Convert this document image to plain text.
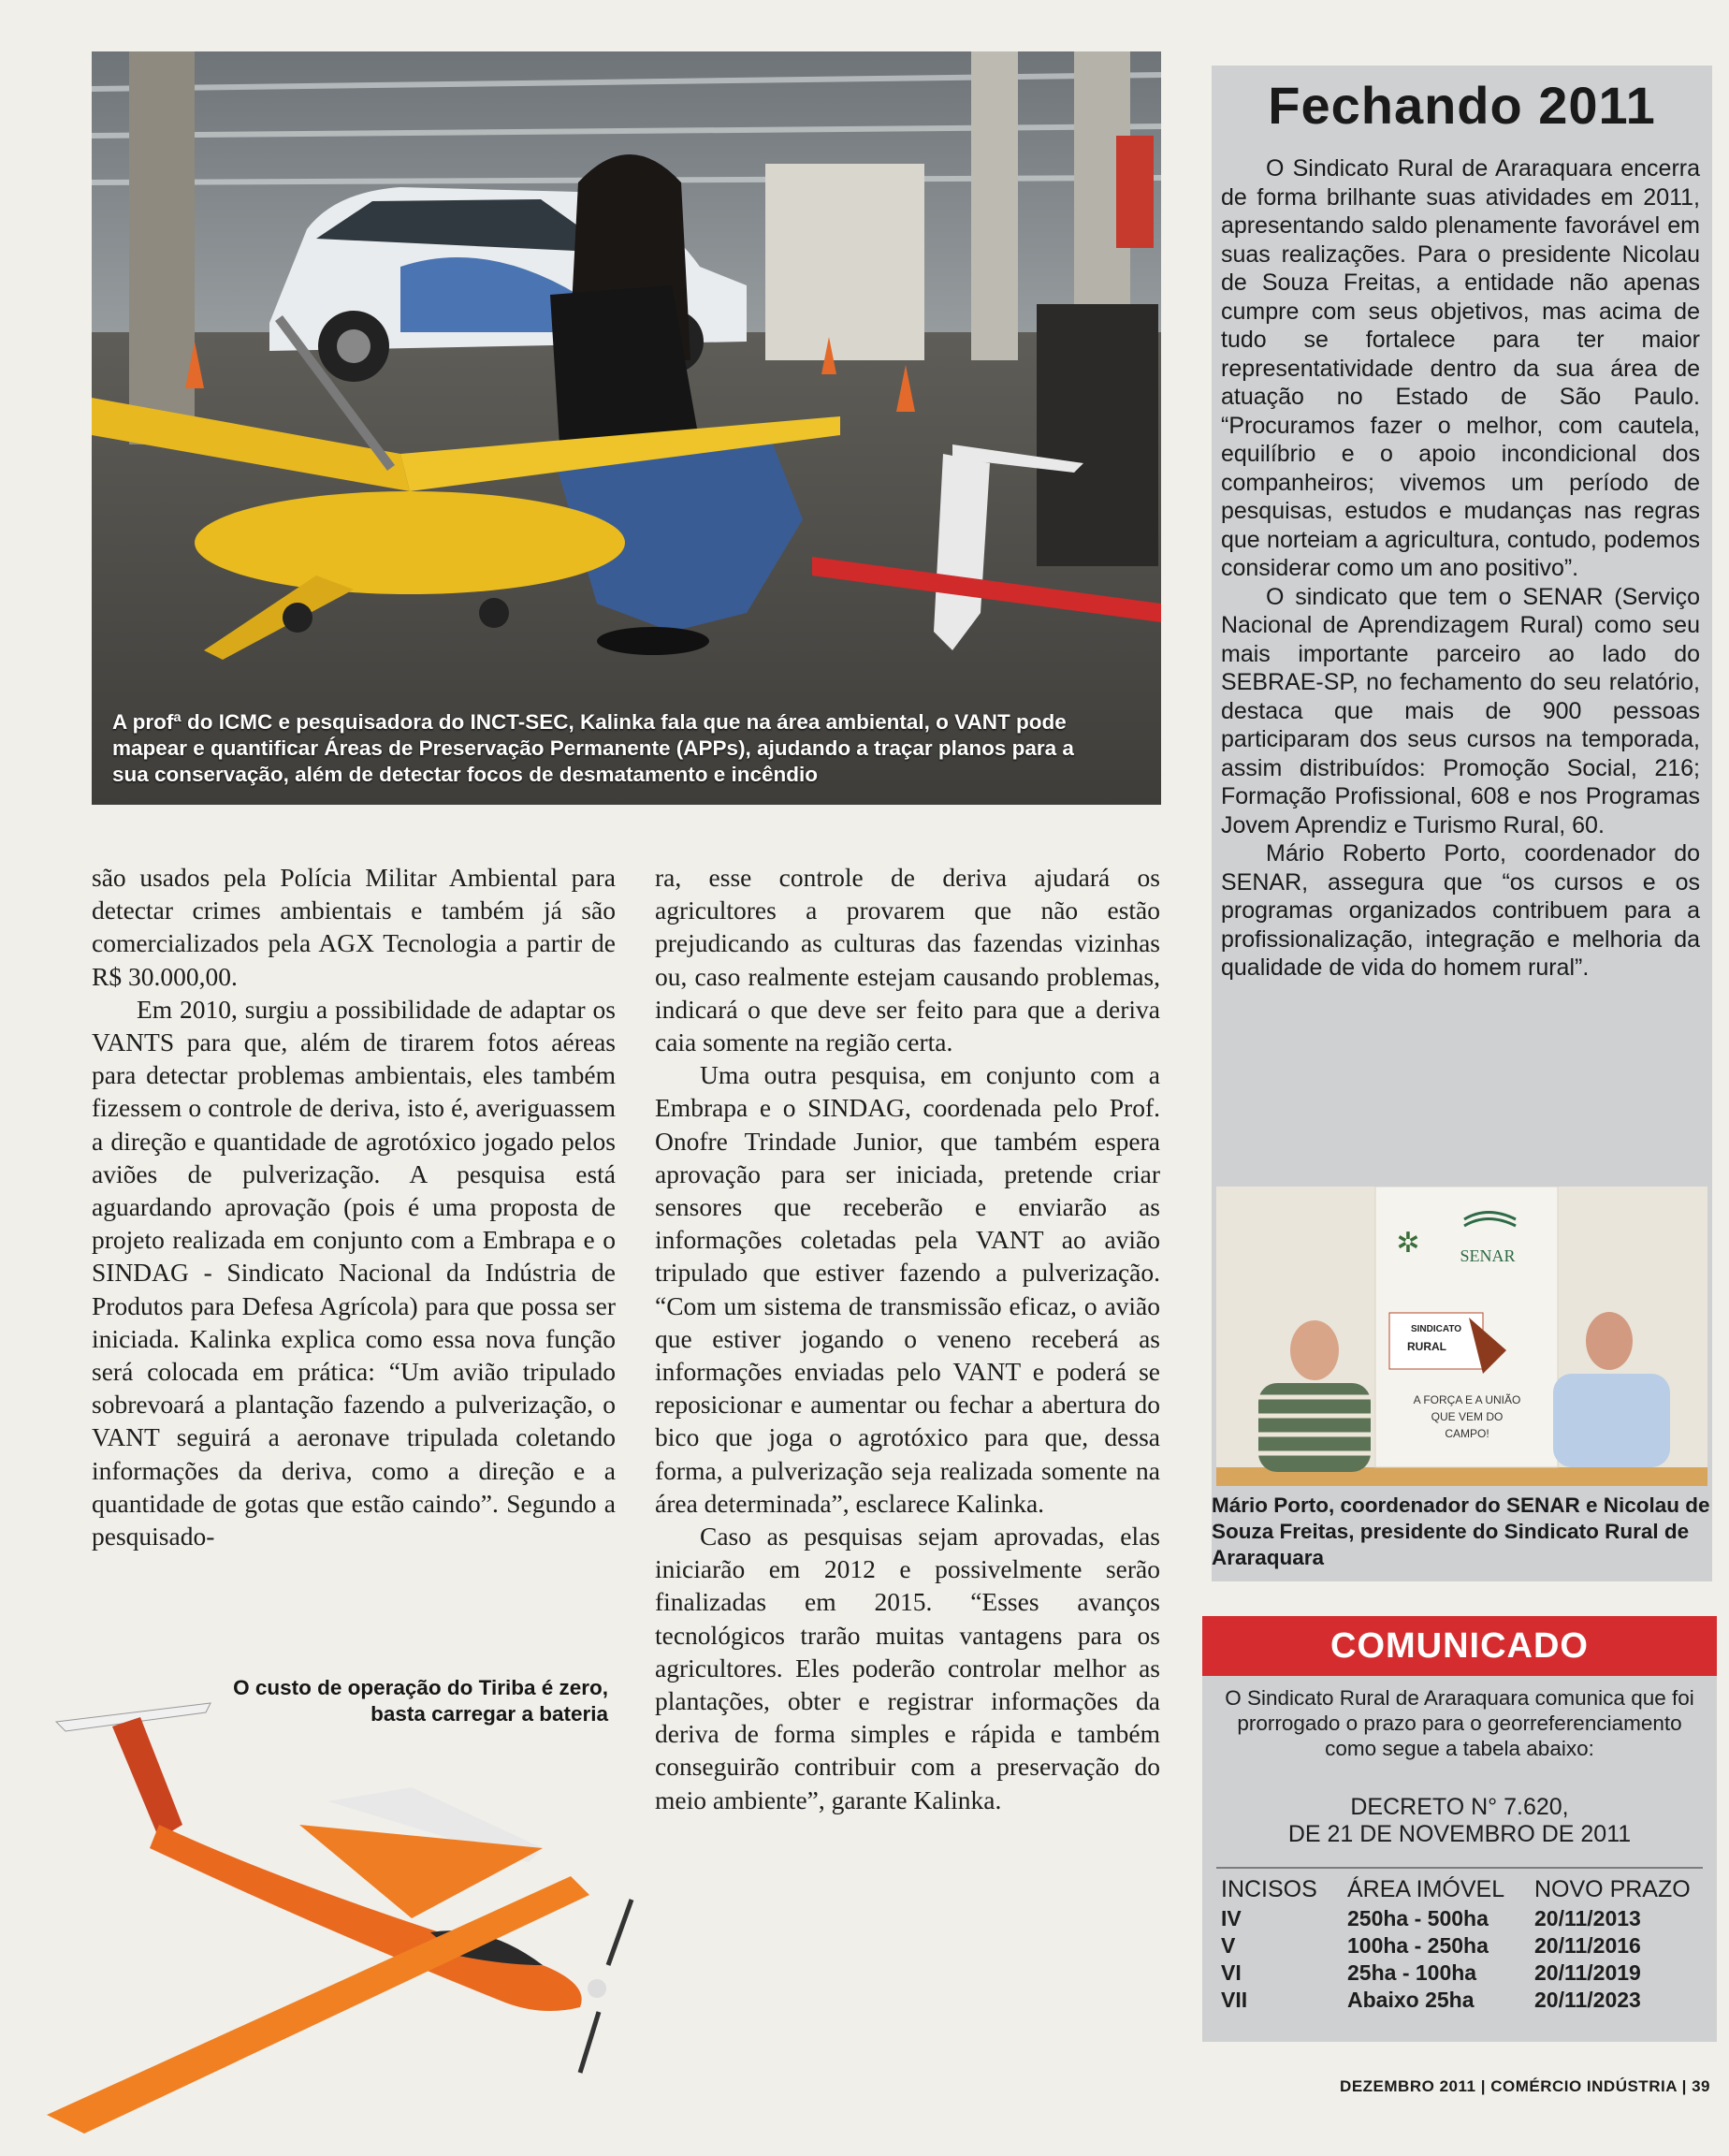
A profª do ICMC e pesquisadora do INCT-SEC, Kalinka fala que na área ambiental, o VANT pode mapear e quantificar Áreas de Preservação Permanente (APPs), ajudando a traçar planos para a sua conservação, além de detectar focos de desmatamento e incêndio

são usados pela Polícia Militar Ambiental para detectar crimes ambientais e também já são comercializados pela AGX Tecnologia a partir de R$ 30.000,00.

Em 2010, surgiu a possibilidade de adaptar os VANTS para que, além de tirarem fotos aéreas para detectar problemas ambientais, eles também fizessem o controle de deriva, isto é, averiguassem a direção e quantidade de agrotóxico jogado pelos aviões de pulverização. A pesquisa está aguardando aprovação (pois é uma proposta de projeto realizada em conjunto com a Embrapa e o SINDAG - Sindicato Nacional da Indústria de Produtos para Defesa Agrícola) para que possa ser iniciada. Kalinka explica como essa nova função será colocada em prática: “Um avião tripulado sobrevoará a plantação fazendo a pulverização, o VANT seguirá a aeronave tripulada coletando informações da deriva, como a direção e a quantidade de gotas que estão caindo”. Segundo a pesquisado-

ra, esse controle de deriva ajudará os agricultores a provarem que não estão prejudicando as culturas das fazendas vizinhas ou, caso realmente estejam causando problemas, indicará o que deve ser feito para que a deriva caia somente na região certa.

Uma outra pesquisa, em conjunto com a Embrapa e o SINDAG, coordenada pelo Prof. Onofre Trindade Junior, que também espera aprovação para ser iniciada, pretende criar sensores que receberão e enviarão as informações coletadas pela VANT ao avião tripulado que estiver fazendo a pulverização. “Com um sistema de transmissão eficaz, o avião que estiver jogando o veneno receberá as informações enviadas pelo VANT e poderá se reposicionar e aumentar ou fechar a abertura do bico que joga o agrotóxico para que, dessa forma, a pulverização seja realizada somente na área determinada”, esclarece Kalinka.

Caso as pesquisas sejam aprovadas, elas iniciarão em 2012 e possivelmente serão finalizadas em 2015. “Esses avanços tecnológicos trarão muitas vantagens para os agricultores. Eles poderão controlar melhor as plantações, obter e registrar informações da deriva de forma simples e rápida e também conseguirão contribuir com a preservação do meio ambiente”, garante Kalinka.

O custo de operação do Tiriba é zero, basta carregar a bateria
Fechando 2011

O Sindicato Rural de Araraquara encerra de forma brilhante suas atividades em 2011, apresentando saldo plenamente favorável em suas realizações. Para o presidente Nicolau de Souza Freitas, a entidade não apenas cumpre com seus objetivos, mas acima de tudo se fortalece para ter maior representatividade dentro da sua área de atuação no Estado de São Paulo. “Procuramos fazer o melhor, com cautela, equilíbrio e o apoio incondicional dos companheiros; vivemos um período de pesquisas, estudos e mudanças nas regras que norteiam a agricultura, contudo, podemos considerar como um ano positivo”.

O sindicato que tem o SENAR (Serviço Nacional de Aprendizagem Rural) como seu mais importante parceiro ao lado do SEBRAE-SP, no fechamento do seu relatório, destaca que mais de 900 pessoas participaram dos seus cursos na temporada, assim distribuídos: Promoção Social, 216; Formação Profissional, 608 e nos Programas Jovem Aprendiz e Turismo Rural, 60.

Mário Roberto Porto, coordenador do SENAR, assegura que “os cursos e os programas organizados contribuem para a profissionalização, integração e melhoria da qualidade de vida do homem rural”.

SENAR
✲
SINDICATO
RURAL
A FORÇA E A UNIÃO
QUE VEM DO
CAMPO!
Mário Porto, coordenador do SENAR e Nicolau de Souza Freitas, presidente do Sindicato Rural de Araraquara
COMUNICADO
O Sindicato Rural de Araraquara comunica que foi prorrogado o prazo para o georreferenciamento como segue a tabela abaixo:
DECRETO N° 7.620,
DE 21 DE NOVEMBRO DE 2011
INCISOS	ÁREA IMÓVEL	NOVO PRAZO
IV	250ha - 500ha	20/11/2013
V	100ha - 250ha	20/11/2016
VI	25ha - 100ha	20/11/2019
VII	Abaixo 25ha	20/11/2023
DEZEMBRO 2011 | COMÉRCIO INDÚSTRIA | 39
